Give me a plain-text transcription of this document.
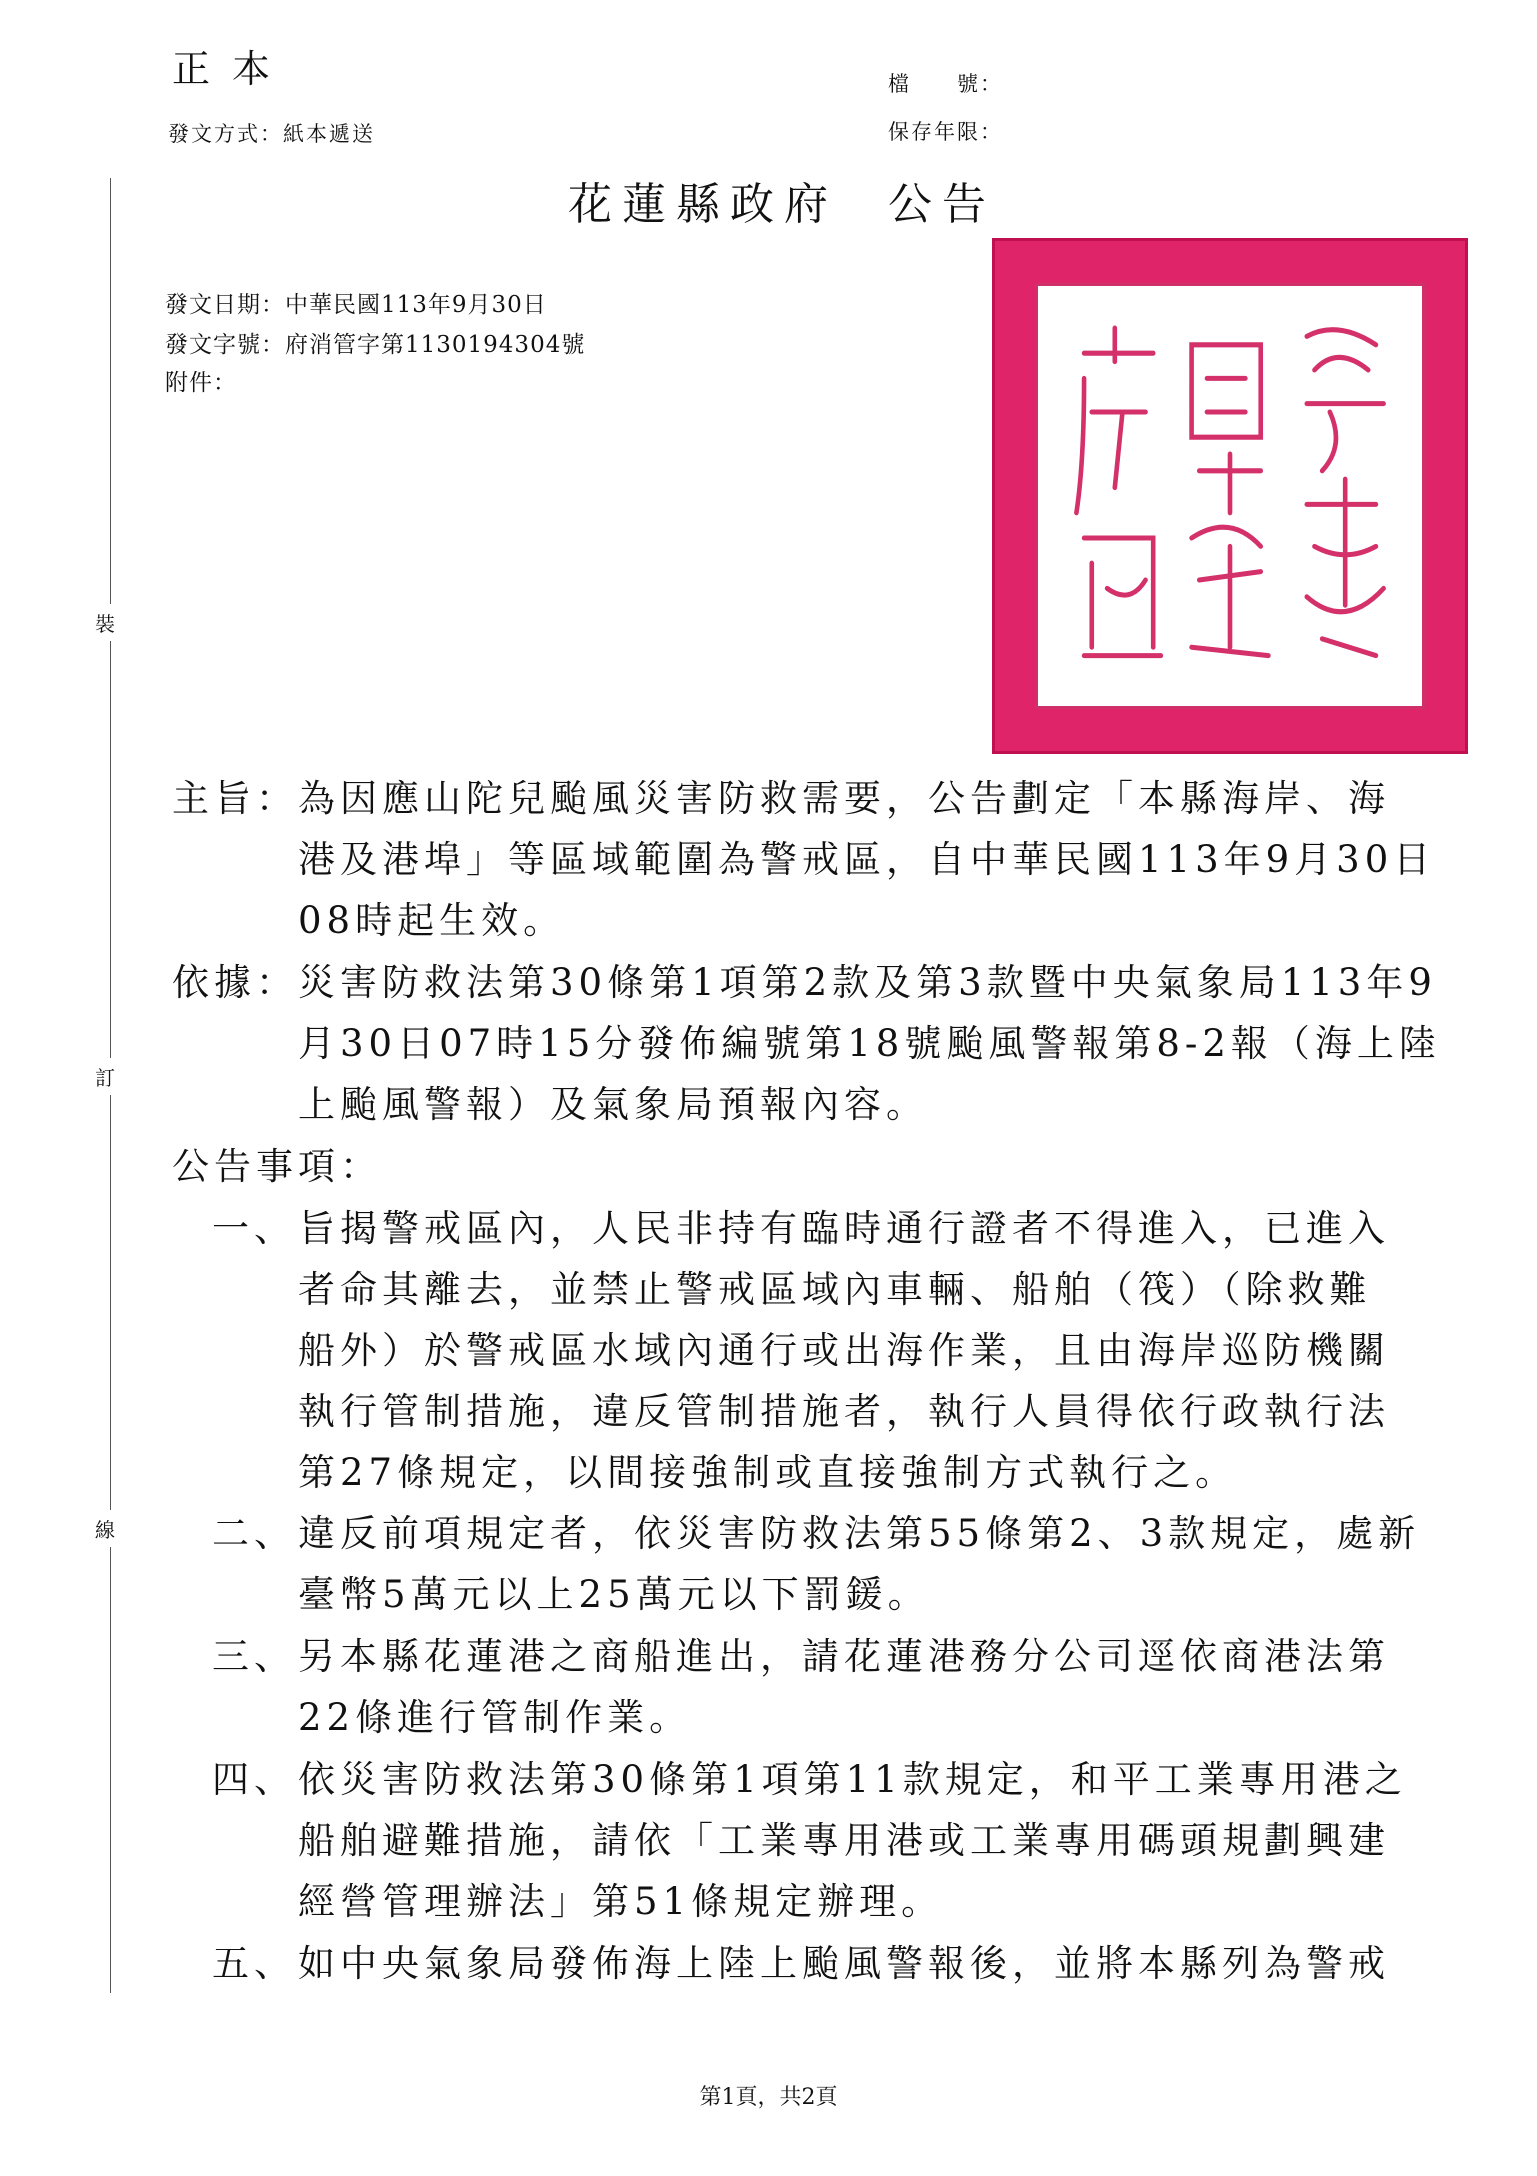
正本	檔　　號：
發文方式：紙本遞送	保存年限：
花蓮縣政府 公告
發文日期：中華民國113年9月30日
發文字號：府消管字第1130194304號
附件：
裝
訂
線
主旨： 為因應山陀兒颱風災害防救需要，公告劃定「本縣海岸、海
港及港埠」等區域範圍為警戒區，自中華民國113年9月30日
08時起生效。
依據： 災害防救法第30條第1項第2款及第3款暨中央氣象局113年9
月30日07時15分發佈編號第18號颱風警報第8-2報（海上陸
上颱風警報）及氣象局預報內容。
公告事項：
一、 旨揭警戒區內，人民非持有臨時通行證者不得進入，已進入
者命其離去，並禁止警戒區域內車輛、船舶（筏）（除救難
船外）於警戒區水域內通行或出海作業，且由海岸巡防機關
執行管制措施，違反管制措施者，執行人員得依行政執行法
第27條規定，以間接強制或直接強制方式執行之。
二、 違反前項規定者，依災害防救法第55條第2、3款規定，處新
臺幣5萬元以上25萬元以下罰鍰。
三、 另本縣花蓮港之商船進出，請花蓮港務分公司逕依商港法第
22條進行管制作業。
四、 依災害防救法第30條第1項第11款規定，和平工業專用港之
船舶避難措施，請依「工業專用港或工業專用碼頭規劃興建
經營管理辦法」第51條規定辦理。
五、 如中央氣象局發佈海上陸上颱風警報後，並將本縣列為警戒
第1頁，共2頁
